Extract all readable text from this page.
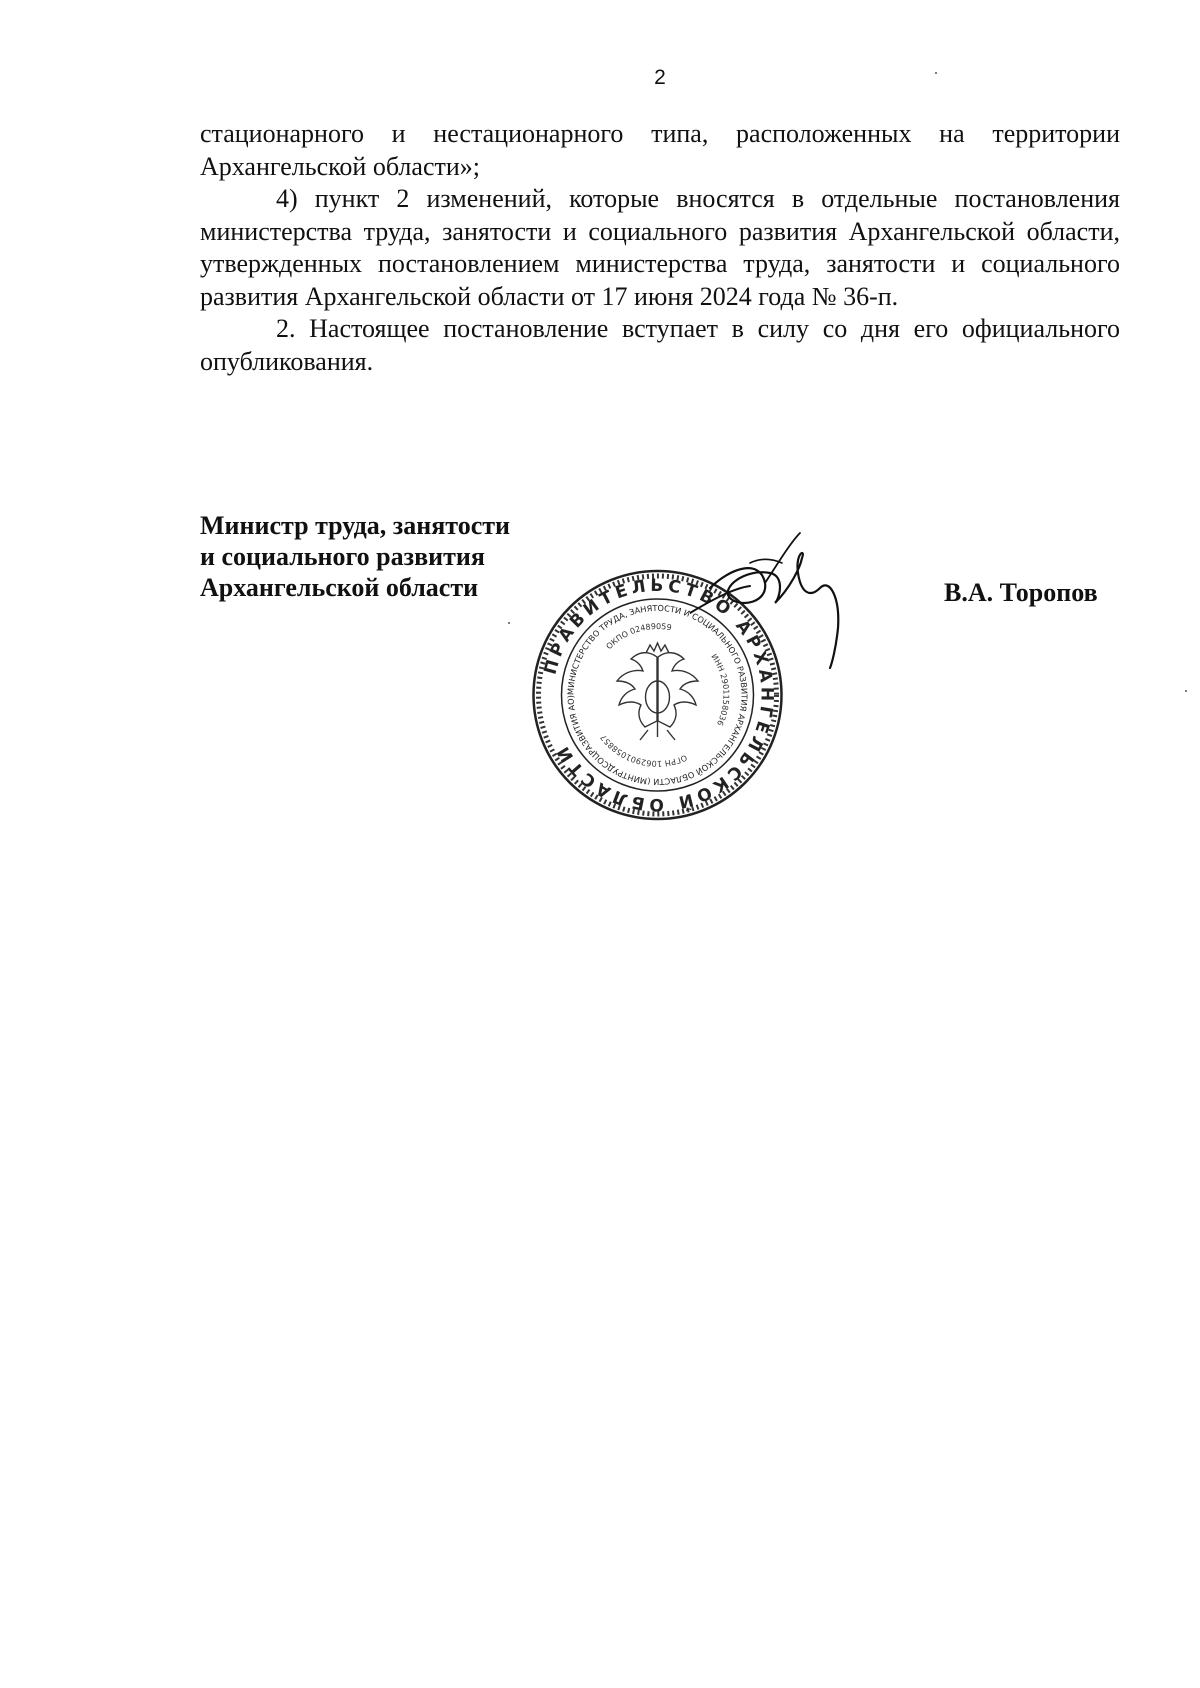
2

стационарного и нестационарного типа, расположенных на территории Архангельской области»;

4) пункт 2 изменений, которые вносятся в отдельные постановления министерства труда, занятости и социального развития Архангельской области, утвержденных постановлением министерства труда, занятости и социального развития Архангельской области от 17 июня 2024 года № 36-п.

2. Настоящее постановление вступает в силу со дня его официального опубликования.

Министр труда, занятости
и социального развития
Архангельской области	В.А. Торопов
ПРАВИТЕЛЬСТВО АРХАНГЕЛЬСКОЙ ОБЛАСТИ
МИНИСТЕРСТВО ТРУДА, ЗАНЯТОСТИ И СОЦИАЛЬНОГО РАЗВИТИЯ АРХАНГЕЛЬСКОЙ ОБЛАСТИ (МИНТРУДСОЦРАЗВИТИЯ АО)
ОКПО 02489059
ИНН 2901158036
ОГРН 1062901058857
